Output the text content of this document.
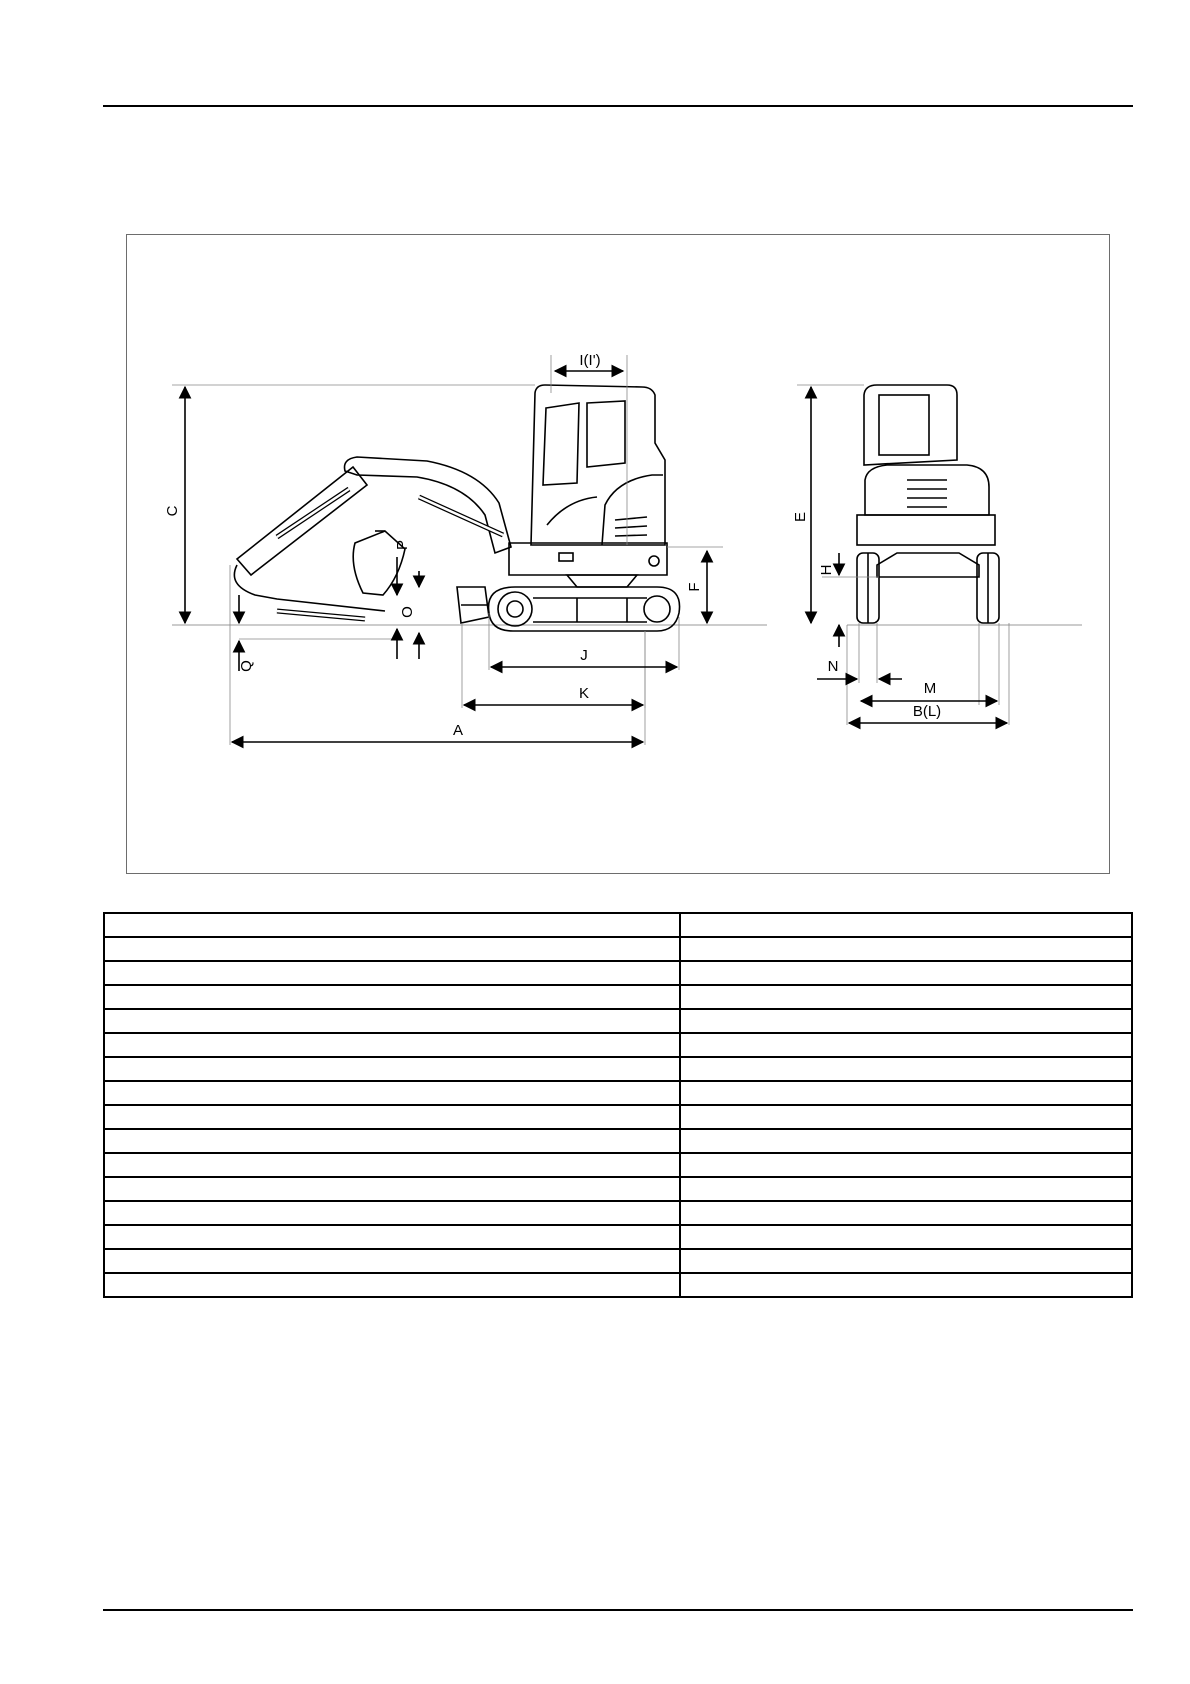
C
I(I')
F
P
O
Q
J
K
A
E
H
N
M
B(L)
